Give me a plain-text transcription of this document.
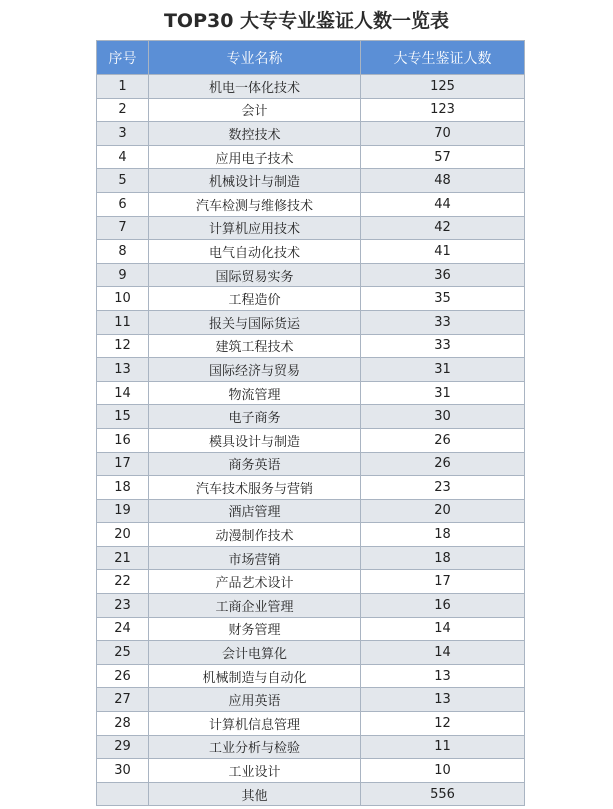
TOP30 大专专业鉴证人数一览表
序号	专业名称	大专生鉴证人数
1	机电一体化技术	125
2	会计	123
3	数控技术	70
4	应用电子技术	57
5	机械设计与制造	48
6	汽车检测与维修技术	44
7	计算机应用技术	42
8	电气自动化技术	41
9	国际贸易实务	36
10	工程造价	35
11	报关与国际货运	33
12	建筑工程技术	33
13	国际经济与贸易	31
14	物流管理	31
15	电子商务	30
16	模具设计与制造	26
17	商务英语	26
18	汽车技术服务与营销	23
19	酒店管理	20
20	动漫制作技术	18
21	市场营销	18
22	产品艺术设计	17
23	工商企业管理	16
24	财务管理	14
25	会计电算化	14
26	机械制造与自动化	13
27	应用英语	13
28	计算机信息管理	12
29	工业分析与检验	11
30	工业设计	10
	其他	556
